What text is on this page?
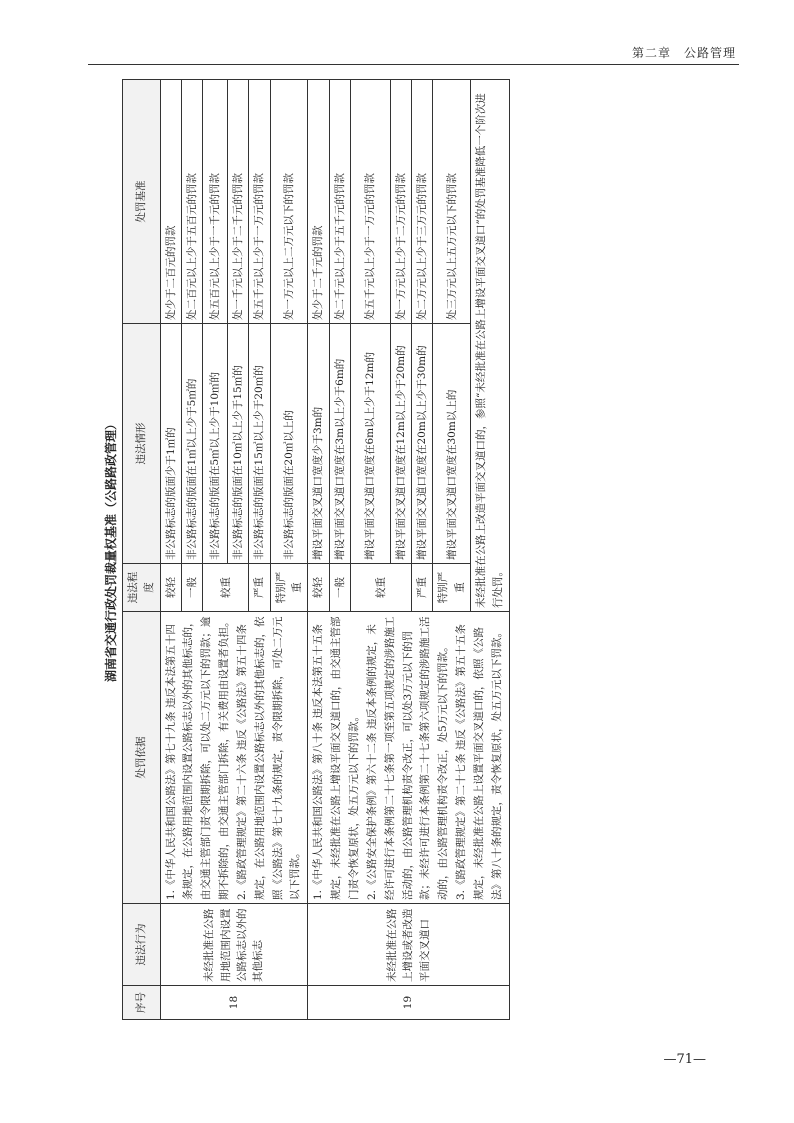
第二章　公路管理
湖南省交通行政处罚裁量权基准（公路路政管理）
序号	违法行为	处罚依据	违法程度	违法情形	处罚基准
18	未经批准在公路用地范围内设置公路标志以外的其他标志	1.《中华人民共和国公路法》第七十九条 违反本法第五十四条规定，在公路用地范围内设置公路标志以外的其他标志的，由交通主管部门责令限期拆除，可以处二万元以下的罚款；逾期不拆除的，由交通主管部门拆除，有关费用由设置者负担。 2.《路政管理规定》第二十六条 违反《公路法》第五十四条规定，在公路用地范围内设置公路标志以外的其他标志的，依照《公路法》第七十九条的规定，责令限期拆除，可处二万元以下罚款。	较轻	非公路标志的版面少于1㎡的	处少于二百元的罚款
			一般	非公路标志的版面在1㎡以上少于5㎡的	处二百元以上少于五百元的罚款
			较重	非公路标志的版面在5㎡以上少于10㎡的	处五百元以上少于一千元的罚款
				非公路标志的版面在10㎡以上少于15㎡的	处一千元以上少于二千元的罚款
			严重	非公路标志的版面在15㎡以上少于20㎡的	处五千元以上少于一万元的罚款
			特别严重	非公路标志的版面在20㎡以上的	处一万元以上二万元以下的罚款
19	未经批准在公路上增设或者改造平面交叉道口	1.《中华人民共和国公路法》第八十条 违反本法第五十五条规定，未经批准在公路上增设平面交叉道口的，由交通主管部门责令恢复原状，处五万元以下的罚款。 2.《公路安全保护条例》第六十二条 违反本条例的规定，未经许可进行本条例第二十七条第一项至第五项规定的涉路施工活动的，由公路管理机构责令改正，可以处3万元以下的罚款；未经许可进行本条例第二十七条第六项规定的涉路施工活动的，由公路管理机构责令改正，处5万元以下的罚款。 3.《路政管理规定》第二十七条 违反《公路法》第五十五条规定，未经批准在公路上设置平面交叉道口的，依照《公路法》第八十条的规定，责令恢复原状，处五万元以下罚款。	较轻	增设平面交叉道口宽度少于3m的	处少于二千元的罚款
			一般	增设平面交叉道口宽度在3m以上少于6m的	处二千元以上少于五千元的罚款
			较重	增设平面交叉道口宽度在6m以上少于12m的	处五千元以上少于一万元的罚款
				增设平面交叉道口宽度在12m以上少于20m的	处一万元以上少于二万元的罚款
			严重	增设平面交叉道口宽度在20m以上少于30m的	处二万元以上少于三万元的罚款
			特别严重	增设平面交叉道口宽度在30m以上的	处三万元以上五万元以下的罚款
			未经批准在公路上改造平面交叉道口的，参照“未经批准在公路上增设平面交叉道口”的处罚基准降低一个阶次进行处罚。		
—71—
